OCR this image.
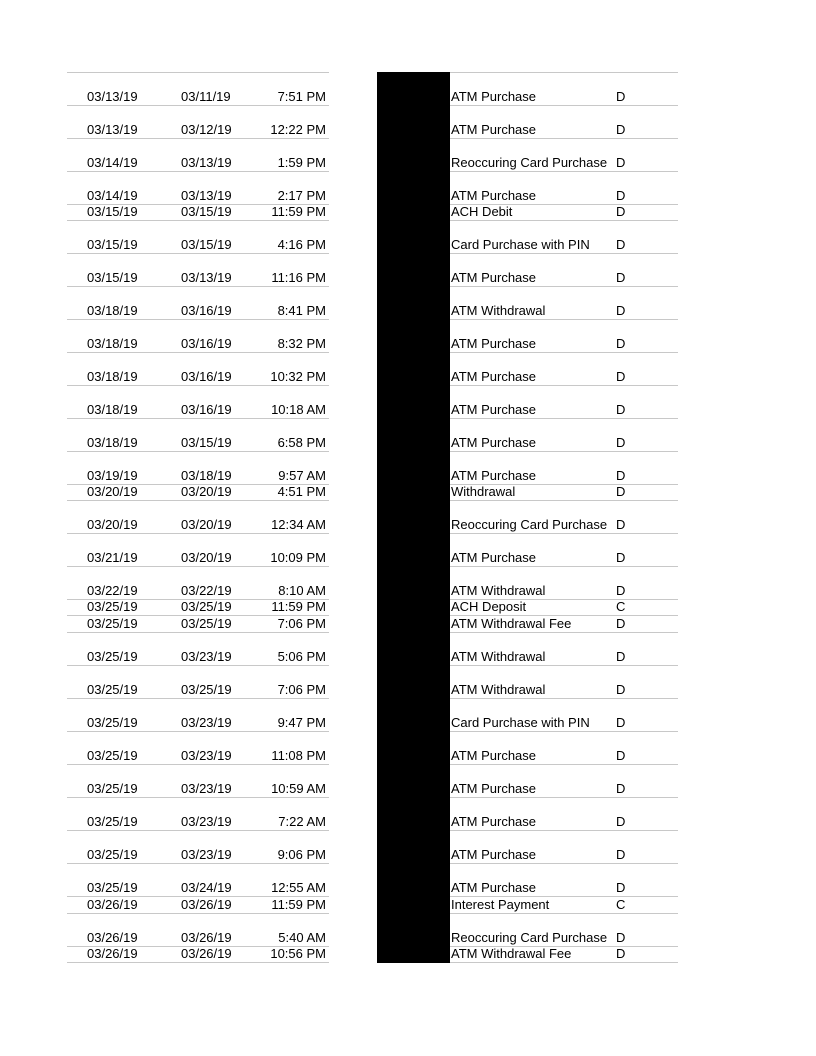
03/13/19	03/11/19	7:51 PM	ATM Purchase	D
03/13/19	03/12/19	12:22 PM	ATM Purchase	D
03/14/19	03/13/19	1:59 PM	Reoccuring Card Purchase D
03/14/19	03/13/19	2:17 PM	ATM Purchase	D
03/15/19	03/15/19	11:59 PM	ACH Debit	D
03/15/19	03/15/19	4:16 PM	Card Purchase with PIN D
03/15/19	03/13/19	11:16 PM	ATM Purchase	D
03/18/19	03/16/19	8:41 PM	ATM Withdrawal	D
03/18/19	03/16/19	8:32 PM	ATM Purchase	D
03/18/19	03/16/19	10:32 PM	ATM Purchase	D
03/18/19	03/16/19	10:18 AM	ATM Purchase	D
03/18/19	03/15/19	6:58 PM	ATM Purchase	D
03/19/19	03/18/19	9:57 AM	ATM Purchase	D
03/20/19	03/20/19	4:51 PM	Withdrawal	D
03/20/19	03/20/19	12:34 AM	Reoccuring Card Purchase D
03/21/19	03/20/19	10:09 PM	ATM Purchase	D
03/22/19	03/22/19	8:10 AM	ATM Withdrawal	D
03/25/19	03/25/19	11:59 PM	ACH Deposit	C
03/25/19	03/25/19	7:06 PM	ATM Withdrawal Fee	D
03/25/19	03/23/19	5:06 PM	ATM Withdrawal	D
03/25/19	03/25/19	7:06 PM	ATM Withdrawal	D
03/25/19	03/23/19	9:47 PM	Card Purchase with PIN D
03/25/19	03/23/19	11:08 PM	ATM Purchase	D
03/25/19	03/23/19	10:59 AM	ATM Purchase	D
03/25/19	03/23/19	7:22 AM	ATM Purchase	D
03/25/19	03/23/19	9:06 PM	ATM Purchase	D
03/25/19	03/24/19	12:55 AM	ATM Purchase	D
03/26/19	03/26/19	11:59 PM	Interest Payment	C
03/26/19	03/26/19	5:40 AM	Reoccuring Card Purchase D
03/26/19	03/26/19	10:56 PM	ATM Withdrawal Fee	D
